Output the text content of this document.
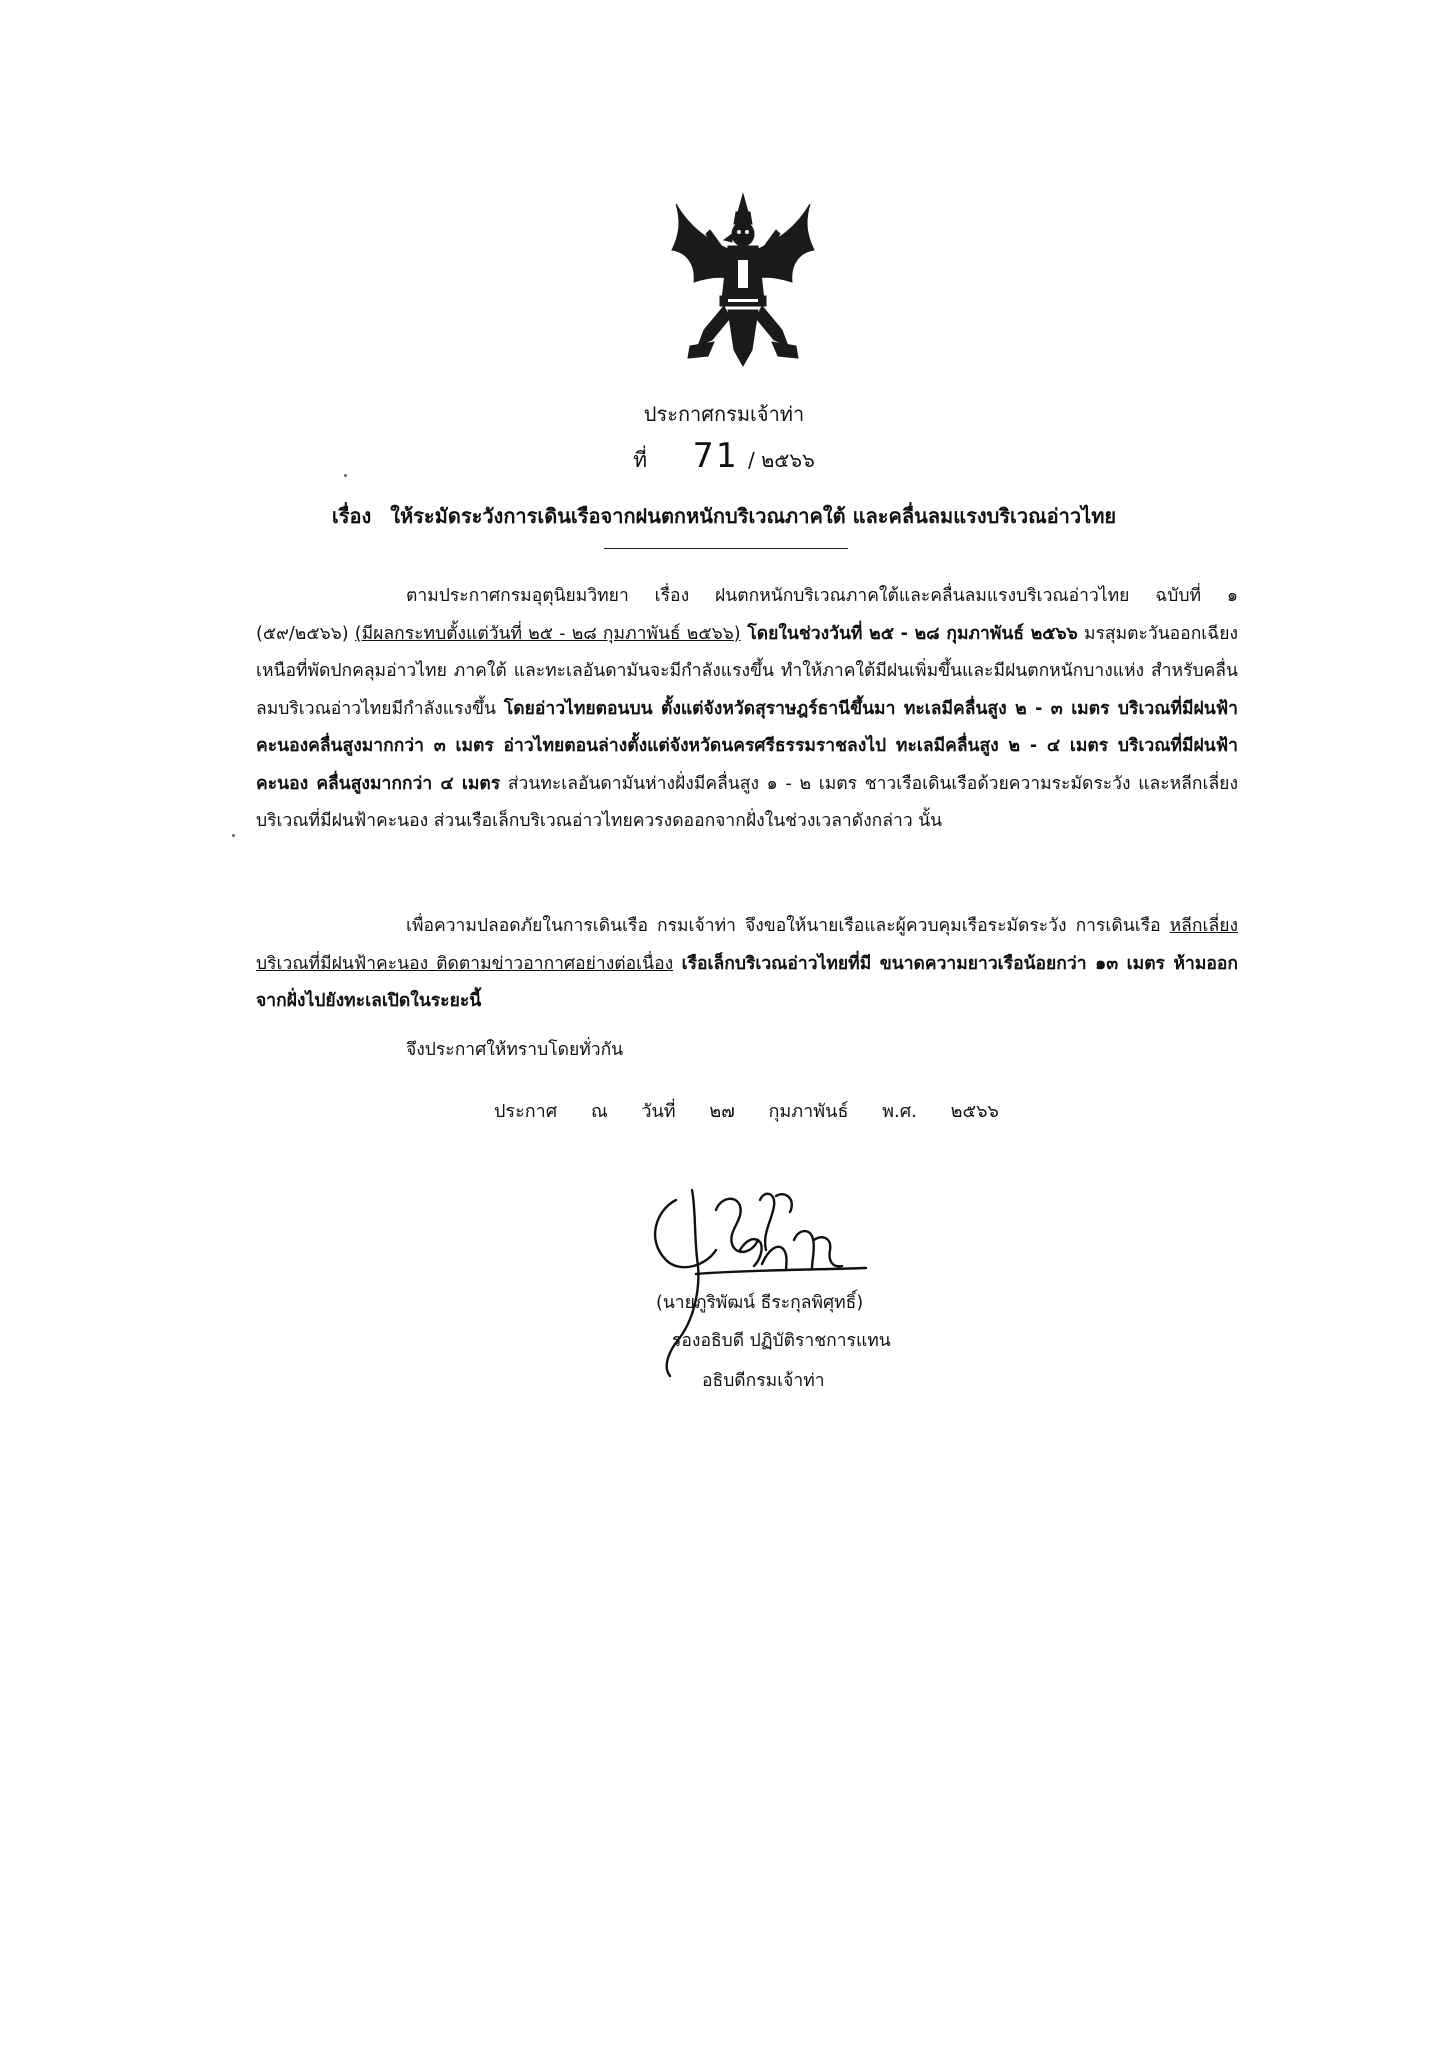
ประกาศกรมเจ้าท่า
ที่ 71 / ๒๕๖๖
เรื่อง ให้ระมัดระวังการเดินเรือจากฝนตกหนักบริเวณภาคใต้ และคลื่นลมแรงบริเวณอ่าวไทย

ตามประกาศกรมอุตุนิยมวิทยา เรื่อง ฝนตกหนักบริเวณภาคใต้และคลื่นลมแรงบริเวณอ่าวไทย ฉบับที่ ๑ (๕๙/๒๕๖๖) (มีผลกระทบตั้งแต่วันที่ ๒๕ - ๒๘ กุมภาพันธ์ ๒๕๖๖) โดยในช่วงวันที่ ๒๕ - ๒๘ กุมภาพันธ์ ๒๕๖๖ มรสุมตะวันออกเฉียงเหนือที่พัดปกคลุมอ่าวไทย ภาคใต้ และทะเลอันดามันจะมีกำลังแรงขึ้น ทำให้ภาคใต้มีฝนเพิ่มขึ้นและมีฝนตกหนักบางแห่ง สำหรับคลื่นลมบริเวณอ่าวไทยมีกำลังแรงขึ้น โดยอ่าวไทยตอนบน ตั้งแต่จังหวัดสุราษฎร์ธานีขึ้นมา ทะเลมีคลื่นสูง ๒ - ๓ เมตร บริเวณที่มีฝนฟ้าคะนองคลื่นสูงมากกว่า ๓ เมตร อ่าวไทยตอนล่างตั้งแต่จังหวัดนครศรีธรรมราชลงไป ทะเลมีคลื่นสูง ๒ - ๔ เมตร บริเวณที่มีฝนฟ้าคะนอง คลื่นสูงมากกว่า ๔ เมตร ส่วนทะเลอันดามันห่างฝั่งมีคลื่นสูง ๑ - ๒ เมตร ชาวเรือเดินเรือด้วยความระมัดระวัง และหลีกเลี่ยงบริเวณที่มีฝนฟ้าคะนอง ส่วนเรือเล็กบริเวณอ่าวไทยควรงดออกจากฝั่งในช่วงเวลาดังกล่าว นั้น

เพื่อความปลอดภัยในการเดินเรือ กรมเจ้าท่า จึงขอให้นายเรือและผู้ควบคุมเรือระมัดระวัง การเดินเรือ หลีกเลี่ยงบริเวณที่มีฝนฟ้าคะนอง ติดตามข่าวอากาศอย่างต่อเนื่อง เรือเล็กบริเวณอ่าวไทยที่มี ขนาดความยาวเรือน้อยกว่า ๑๓ เมตร ห้ามออกจากฝั่งไปยังทะเลเปิดในระยะนี้

จึงประกาศให้ทราบโดยทั่วกัน
ประกาศ ณ วันที่ ๒๗ กุมภาพันธ์ พ.ศ. ๒๕๖๖
(นายภูริพัฒน์ ธีระกุลพิศุทธิ์)
รองอธิบดี ปฏิบัติราชการแทน
อธิบดีกรมเจ้าท่า
